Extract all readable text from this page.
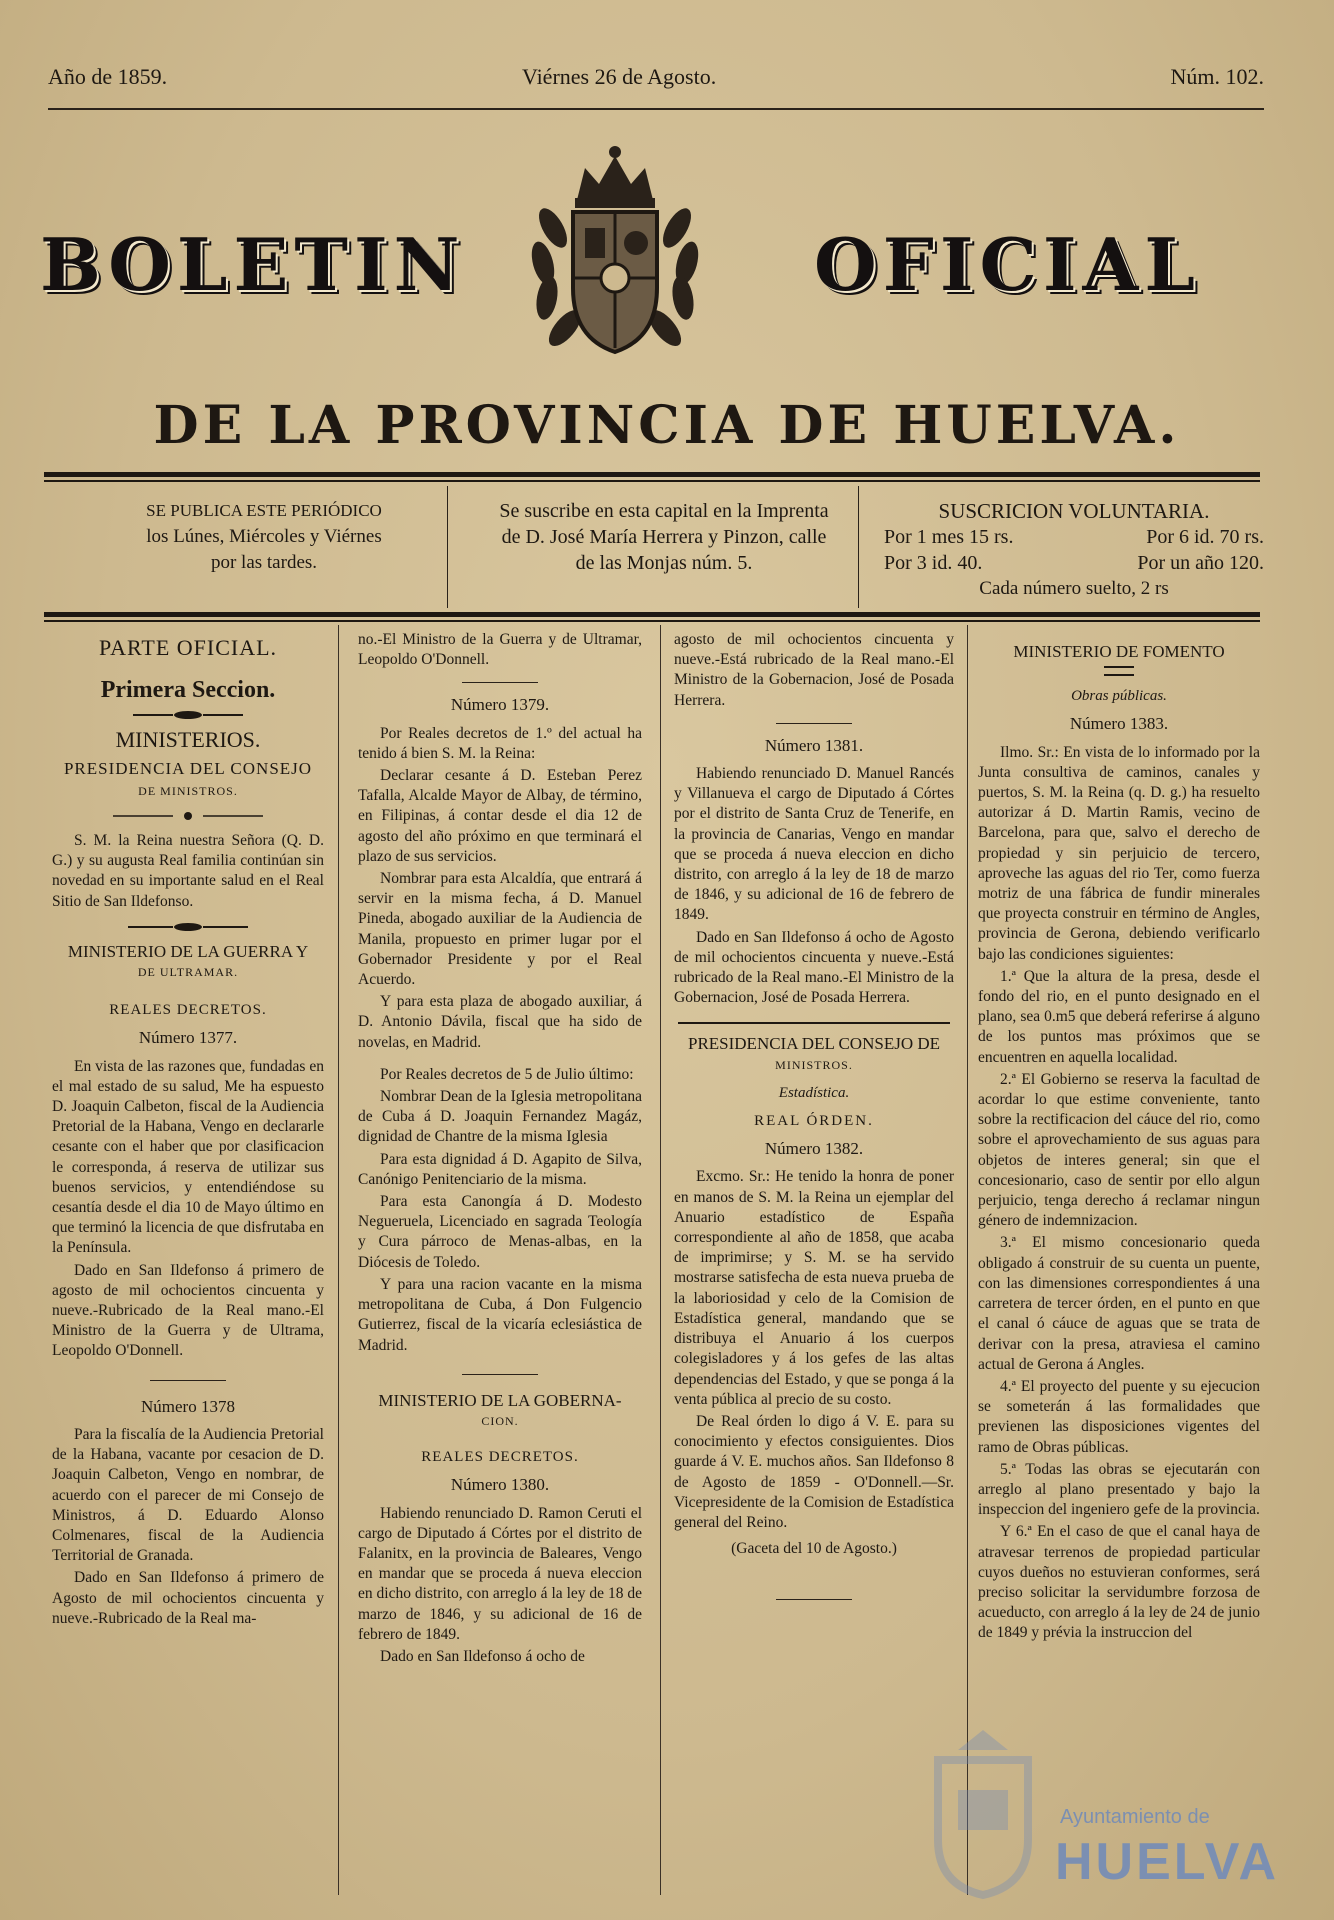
Año de 1859.	Viérnes 26 de Agosto.	Núm. 102.
BOLETIN	OFICIAL
DE LA PROVINCIA DE HUELVA.
SE PUBLICA ESTE PERIÓDICO
los Lúnes, Miércoles y Viérnes
por las tardes.
Se suscribe en esta capital en la Imprenta
de D. José María Herrera y Pinzon, calle
de las Monjas núm. 5.
SUSCRICION VOLUNTARIA.
Por 1 mes 15 rs.	Por 6 id. 70 rs.
Por 3 id. 40.	Por un año 120.
Cada número suelto, 2 rs
PARTE OFICIAL.
Primera Seccion.
MINISTERIOS.
PRESIDENCIA DEL CONSEJO
DE MINISTROS.

S. M. la Reina nuestra Señora (Q. D. G.) y su augusta Real familia continúan sin novedad en su importante salud en el Real Sitio de San Ildefonso.

MINISTERIO DE LA GUERRA Y
DE ULTRAMAR.
REALES DECRETOS.
Número 1377.

En vista de las razones que, fundadas en el mal estado de su salud, Me ha espuesto D. Joaquin Calbeton, fiscal de la Audiencia Pretorial de la Habana, Vengo en declararle cesante con el haber que por clasificacion le corresponda, á reserva de utilizar sus buenos servicios, y entendiéndose su cesantía desde el dia 10 de Mayo último en que terminó la licencia de que disfrutaba en la Península.

Dado en San Ildefonso á primero de agosto de mil ochocientos cincuenta y nueve.-Rubricado de la Real mano.-El Ministro de la Guerra y de Ultrama, Leopoldo O'Donnell.

Número 1378

Para la fiscalía de la Audiencia Pretorial de la Habana, vacante por cesacion de D. Joaquin Calbeton, Vengo en nombrar, de acuerdo con el parecer de mi Consejo de Ministros, á D. Eduardo Alonso Colmenares, fiscal de la Audiencia Territorial de Granada.

Dado en San Ildefonso á primero de Agosto de mil ochocientos cincuenta y nueve.-Rubricado de la Real ma-

no.-El Ministro de la Guerra y de Ultramar, Leopoldo O'Donnell.

Número 1379.

Por Reales decretos de 1.º del actual ha tenido á bien S. M. la Reina:

Declarar cesante á D. Esteban Perez Tafalla, Alcalde Mayor de Albay, de término, en Filipinas, á contar desde el dia 12 de agosto del año próximo en que terminará el plazo de sus servicios.

Nombrar para esta Alcaldía, que entrará á servir en la misma fecha, á D. Manuel Pineda, abogado auxiliar de la Audiencia de Manila, propuesto en primer lugar por el Gobernador Presidente y por el Real Acuerdo.

Y para esta plaza de abogado auxiliar, á D. Antonio Dávila, fiscal que ha sido de novelas, en Madrid.

Por Reales decretos de 5 de Julio último:

Nombrar Dean de la Iglesia metropolitana de Cuba á D. Joaquin Fernandez Magáz, dignidad de Chantre de la misma Iglesia

Para esta dignidad á D. Agapito de Silva, Canónigo Penitenciario de la misma.

Para esta Canongía á D. Modesto Negueruela, Licenciado en sagrada Teología y Cura párroco de Menas-albas, en la Diócesis de Toledo.

Y para una racion vacante en la misma metropolitana de Cuba, á Don Fulgencio Gutierrez, fiscal de la vicaría eclesiástica de Madrid.

MINISTERIO DE LA GOBERNA-
CION.
REALES DECRETOS.
Número 1380.

Habiendo renunciado D. Ramon Ceruti el cargo de Diputado á Córtes por el distrito de Falanitx, en la provincia de Baleares, Vengo en mandar que se proceda á nueva eleccion en dicho distrito, con arreglo á la ley de 18 de marzo de 1846, y su adicional de 16 de febrero de 1849.

Dado en San Ildefonso á ocho de

agosto de mil ochocientos cincuenta y nueve.-Está rubricado de la Real mano.-El Ministro de la Gobernacion, José de Posada Herrera.

Número 1381.

Habiendo renunciado D. Manuel Rancés y Villanueva el cargo de Diputado á Córtes por el distrito de Santa Cruz de Tenerife, en la provincia de Canarias, Vengo en mandar que se proceda á nueva eleccion en dicho distrito, con arreglo á la ley de 18 de marzo de 1846, y su adicional de 16 de febrero de 1849.

Dado en San Ildefonso á ocho de Agosto de mil ochocientos cincuenta y nueve.-Está rubricado de la Real mano.-El Ministro de la Gobernacion, José de Posada Herrera.

PRESIDENCIA DEL CONSEJO DE
MINISTROS.
Estadística.
REAL ÓRDEN.
Número 1382.

Excmo. Sr.: He tenido la honra de poner en manos de S. M. la Reina un ejemplar del Anuario estadístico de España correspondiente al año de 1858, que acaba de imprimirse; y S. M. se ha servido mostrarse satisfecha de esta nueva prueba de la laboriosidad y celo de la Comision de Estadística general, mandando que se distribuya el Anuario á los cuerpos colegisladores y á los gefes de las altas dependencias del Estado, y que se ponga á la venta pública al precio de su costo.

De Real órden lo digo á V. E. para su conocimiento y efectos consiguientes. Dios guarde á V. E. muchos años. San Ildefonso 8 de Agosto de 1859 - O'Donnell.—Sr. Vicepresidente de la Comision de Estadística general del Reino.

(Gaceta del 10 de Agosto.)
MINISTERIO DE FOMENTO
Obras públicas.
Número 1383.

Ilmo. Sr.: En vista de lo informado por la Junta consultiva de caminos, canales y puertos, S. M. la Reina (q. D. g.) ha resuelto autorizar á D. Martin Ramis, vecino de Barcelona, para que, salvo el derecho de propiedad y sin perjuicio de tercero, aproveche las aguas del rio Ter, como fuerza motriz de una fábrica de fundir minerales que proyecta construir en término de Angles, provincia de Gerona, debiendo verificarlo bajo las condiciones siguientes:

1.ª Que la altura de la presa, desde el fondo del rio, en el punto designado en el plano, sea 0.m5 que deberá referirse á alguno de los puntos mas próximos que se encuentren en aquella localidad.

2.ª El Gobierno se reserva la facultad de acordar lo que estime conveniente, tanto sobre la rectificacion del cáuce del rio, como sobre el aprovechamiento de sus aguas para objetos de interes general; sin que el concesionario, caso de sentir por ello algun perjuicio, tenga derecho á reclamar ningun género de indemnizacion.

3.ª El mismo concesionario queda obligado á construir de su cuenta un puente, con las dimensiones correspondientes á una carretera de tercer órden, en el punto en que el canal ó cáuce de aguas que se trata de derivar con la presa, atraviesa el camino actual de Gerona á Angles.

4.ª El proyecto del puente y su ejecucion se someterán á las formalidades que previenen las disposiciones vigentes del ramo de Obras públicas.

5.ª Todas las obras se ejecutarán con arreglo al plano presentado y bajo la inspeccion del ingeniero gefe de la provincia.

Y 6.ª En el caso de que el canal haya de atravesar terrenos de propiedad particular cuyos dueños no estuvieran conformes, será preciso solicitar la servidumbre forzosa de acueducto, con arreglo á la ley de 24 de junio de 1849 y prévia la instruccion del

Ayuntamiento de
HUELVA
